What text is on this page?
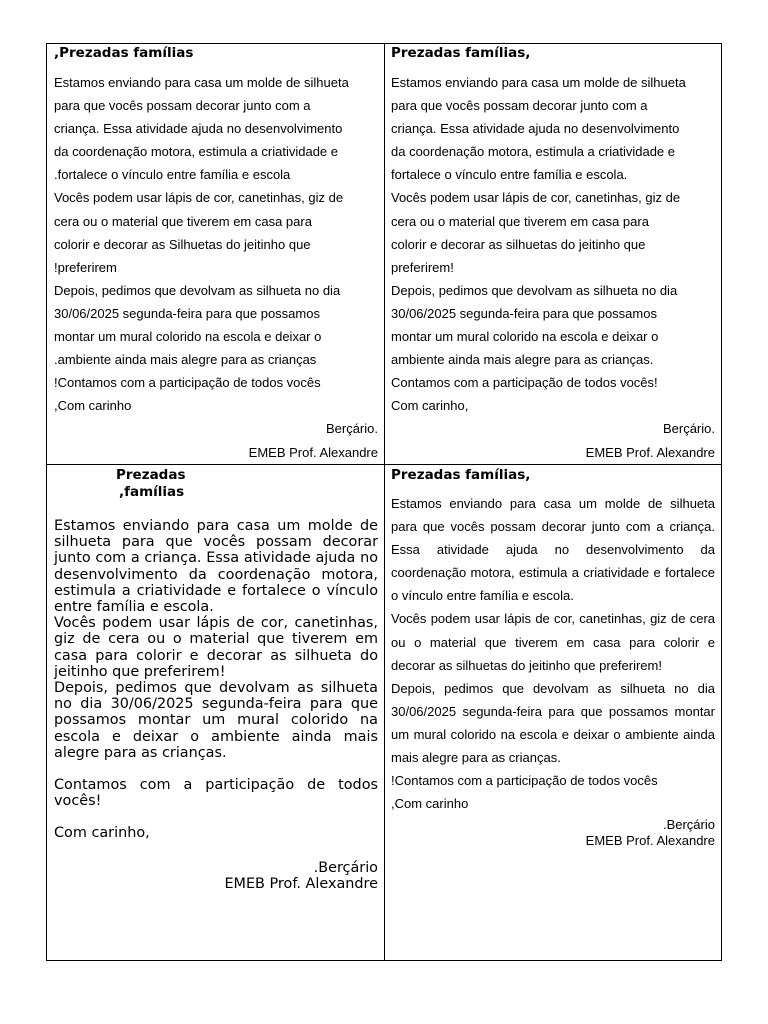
,Prezadas famílias

Estamos enviando para casa um molde de silhueta
para que vocês possam decorar junto com a
criança. Essa atividade ajuda no desenvolvimento
da coordenação motora, estimula a criatividade e
.fortalece o vínculo entre família e escola
Vocês podem usar lápis de cor, canetinhas, giz de
cera ou o material que tiverem em casa para
colorir e decorar as Silhuetas do jeitinho que
!preferirem
Depois, pedimos que devolvam as silhueta no dia
30/06/2025 segunda-feira para que possamos
montar um mural colorido na escola e deixar o
.ambiente ainda mais alegre para as crianças
!Contamos com a participação de todos vocês
,Com carinho
Berçário.
EMEB Prof. Alexandre

Prezadas famílias,

Estamos enviando para casa um molde de silhueta
para que vocês possam decorar junto com a
criança. Essa atividade ajuda no desenvolvimento
da coordenação motora, estimula a criatividade e
fortalece o vínculo entre família e escola.
Vocês podem usar lápis de cor, canetinhas, giz de
cera ou o material que tiverem em casa para
colorir e decorar as silhuetas do jeitinho que
preferirem!
Depois, pedimos que devolvam as silhueta no dia
30/06/2025 segunda-feira para que possamos
montar um mural colorido na escola e deixar o
ambiente ainda mais alegre para as crianças.
Contamos com a participação de todos vocês!
Com carinho,
Berçário.
EMEB Prof. Alexandre
Prezadas
,famílias

Estamos enviando para casa um molde de silhueta para que vocês possam decorar junto com a criança. Essa atividade ajuda no desenvolvimento da coordenação motora, estimula a criatividade e fortalece o vínculo entre família e escola.

Vocês podem usar lápis de cor, canetinhas, giz de cera ou o material que tiverem em casa para colorir e decorar as silhueta do jeitinho que preferirem!

Depois, pedimos que devolvam as silhueta no dia 30/06/2025 segunda-feira para que possamos montar um mural colorido na escola e deixar o ambiente ainda mais alegre para as crianças.

Contamos com a participação de todos vocês!

Com carinho,

.Berçário

EMEB Prof. Alexandre

Prezadas famílias,

Estamos enviando para casa um molde de silhueta para que vocês possam decorar junto com a criança. Essa atividade ajuda no desenvolvimento da coordenação motora, estimula a criatividade e fortalece o vínculo entre família e escola.

Vocês podem usar lápis de cor, canetinhas, giz de cera ou o material que tiverem em casa para colorir e decorar as silhuetas do jeitinho que preferirem!

Depois, pedimos que devolvam as silhueta no dia 30/06/2025 segunda-feira para que possamos montar um mural colorido na escola e deixar o ambiente ainda mais alegre para as crianças.

!Contamos com a participação de todos vocês

,Com carinho

.Berçário

EMEB Prof. Alexandre
